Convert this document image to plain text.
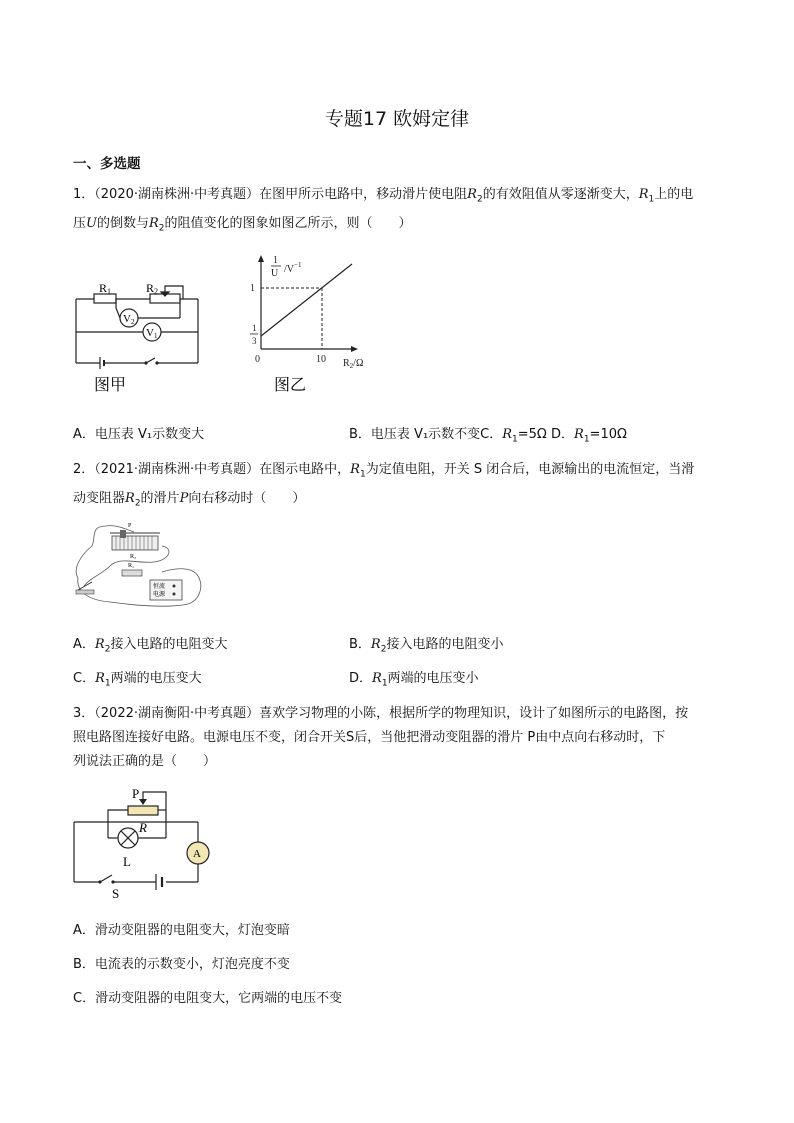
专题17 欧姆定律
一、多选题
1．（2020·湖南株洲·中考真题）在图甲所示电路中，移动滑片使电阻$R_2$的有效阻值从零逐渐变大，$R_1$上的电
压U的倒数与$R_2$的阻值变化的图象如图乙所示，则（　　）
R1	R2
V2
V1
图甲
1
U $/V^{-1}$
1
1
3
0	10 $R_2/\Omega$
图乙
A．电压表 V₁示数变大	B．电压表 V₁示数不变C．$R_1=5\Omega$ D．$R_1=10\Omega$
2．（2021·湖南株洲·中考真题）在图示电路中，$R_1$为定值电阻，开关 S 闭合后，电源输出的电流恒定，当滑
动变阻器$R_2$的滑片P向右移动时（　　）
P
R₂
R₁
恒流
电源
A．$R_2$接入电路的电阻变大	B．$R_2$接入电路的电阻变小
C．$R_1$两端的电压变大	D．$R_1$两端的电压变小
3．（2022·湖南衡阳·中考真题）喜欢学习物理的小陈，根据所学的物理知识，设计了如图所示的电路图，按
照电路图连接好电路。电源电压不变，闭合开关S后，当他把滑动变阻器的滑片 P由中点向右移动时，下
列说法正确的是（　　）
P
R
L	A
S
A．滑动变阻器的电阻变大，灯泡变暗
B．电流表的示数变小，灯泡亮度不变
C．滑动变阻器的电阻变大，它两端的电压不变
